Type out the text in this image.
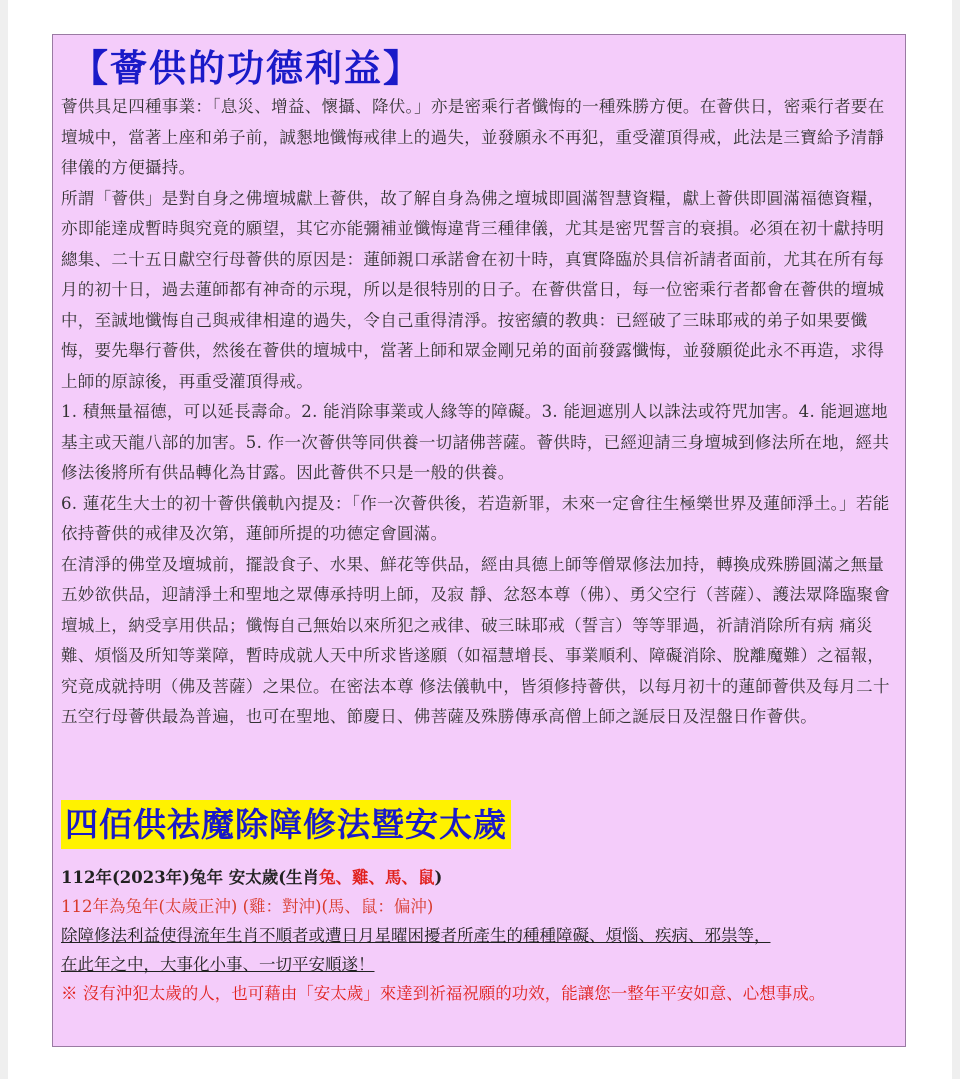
【薈供的功德利益】

薈供具足四種事業：「息災、增益、懷攝、降伏。」亦是密乘行者懺悔的一種殊勝方便。在薈供日，密乘行者要在壇城中，當著上座和弟子前，誠懇地懺悔戒律上的過失，並發願永不再犯，重受灌頂得戒，此法是三寶給予清靜律儀的方便攝持。

所謂「薈供」是對自身之佛壇城獻上薈供，故了解自身為佛之壇城即圓滿智慧資糧，獻上薈供即圓滿福德資糧，亦即能達成暫時與究竟的願望，其它亦能彌補並懺悔違背三種律儀，尤其是密咒誓言的衰損。必須在初十獻持明總集、二十五日獻空行母薈供的原因是：蓮師親口承諾會在初十時，真實降臨於具信祈請者面前，尤其在所有每月的初十日，過去蓮師都有神奇的示現，所以是很特別的日子。在薈供當日，每一位密乘行者都會在薈供的壇城中，至誠地懺悔自己與戒律相違的過失，令自己重得清淨。按密續的教典：已經破了三昧耶戒的弟子如果要懺悔，要先舉行薈供，然後在薈供的壇城中，當著上師和眾金剛兄弟的面前發露懺悔，並發願從此永不再造，求得上師的原諒後，再重受灌頂得戒。

1. 積無量福德，可以延長壽命。2. 能消除事業或人緣等的障礙。3. 能迴遮別人以誅法或符咒加害。4. 能迴遮地基主或天龍八部的加害。5. 作一次薈供等同供養一切諸佛菩薩。薈供時，已經迎請三身壇城到修法所在地，經共修法後將所有供品轉化為甘露。因此薈供不只是一般的供養。

6. 蓮花生大士的初十薈供儀軌內提及：「作一次薈供後，若造新罪，未來一定會往生極樂世界及蓮師淨土。」若能依持薈供的戒律及次第，蓮師所提的功德定會圓滿。

在清淨的佛堂及壇城前，擺設食子、水果、鮮花等供品，經由具德上師等僧眾修法加持，轉換成殊勝圓滿之無量五妙欲供品，迎請淨土和聖地之眾傳承持明上師，及寂 靜、忿怒本尊（佛）、勇父空行（菩薩）、護法眾降臨聚會壇城上，納受享用供品；懺悔自己無始以來所犯之戒律、破三昧耶戒（誓言）等等罪過，祈請消除所有病 痛災難、煩惱及所知等業障，暫時成就人天中所求皆遂願（如福慧增長、事業順利、障礙消除、脫離魔難）之福報，究竟成就持明（佛及菩薩）之果位。在密法本尊 修法儀軌中，皆須修持薈供，以每月初十的蓮師薈供及每月二十五空行母薈供最為普遍，也可在聖地、節慶日、佛菩薩及殊勝傳承高僧上師之誕辰日及涅盤日作薈供。

四佰供祛魔除障修法暨安太歲

112年(2023年)兔年 安太歲(生肖兔、雞、馬、鼠)

112年為兔年(太歲正沖) (雞：對沖)(馬、鼠：偏沖)

除障修法利益使得流年生肖不順者或遭日月星曜困擾者所產生的種種障礙、煩惱、疾病、邪祟等，

在此年之中，大事化小事、一切平安順遂！

※ 沒有沖犯太歲的人，也可藉由「安太歲」來達到祈福祝願的功效，能讓您一整年平安如意、心想事成。
